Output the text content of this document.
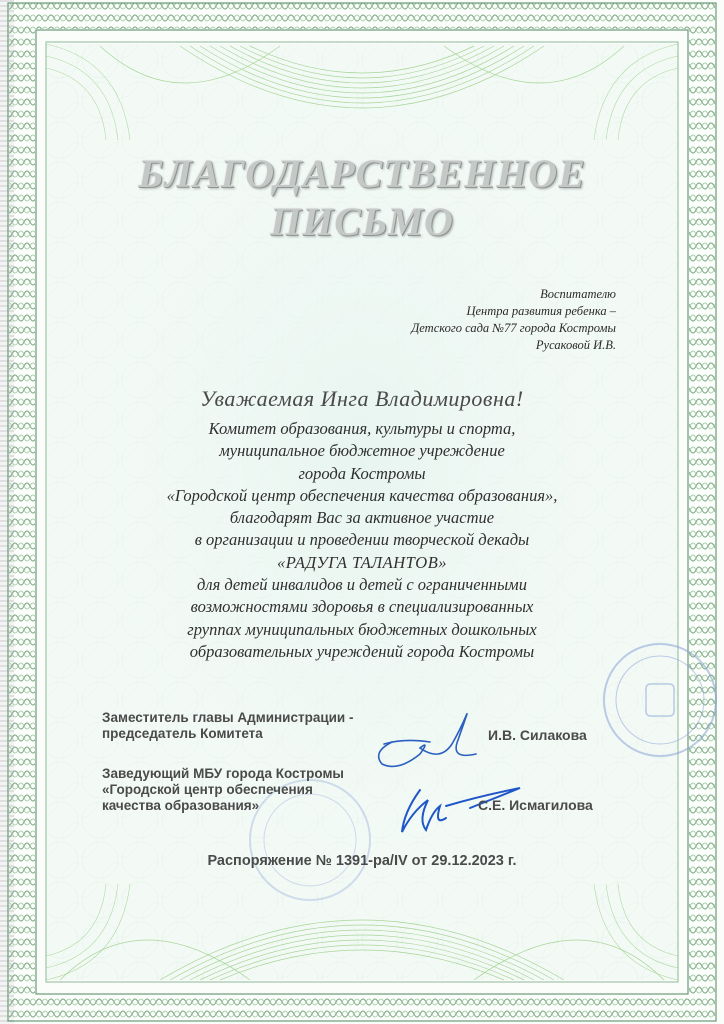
БЛАГОДАРСТВЕННОЕ
ПИСЬМО
Воспитателю
Центра развития ребенка –
Детского сада №77 города Костромы
Русаковой И.В.
Уважаемая Инга Владимировна!
Комитет образования, культуры и спорта,
муниципальное бюджетное учреждение
города Костромы
«Городской центр обеспечения качества образования»,
благодарят Вас за активное участие
в организации и проведении творческой декады
«РАДУГА ТАЛАНТОВ»
для детей инвалидов и детей с ограниченными
возможностями здоровья в специализированных
группах муниципальных бюджетных дошкольных
образовательных учреждений города Костромы
Заместитель главы Администрации -
председатель Комитета	И.В. Силакова
Заведующий МБУ города Костромы
«Городской центр обеспечения
качества образования»	С.Е. Исмагилова
Распоряжение № 1391-ра/IV от 29.12.2023 г.
